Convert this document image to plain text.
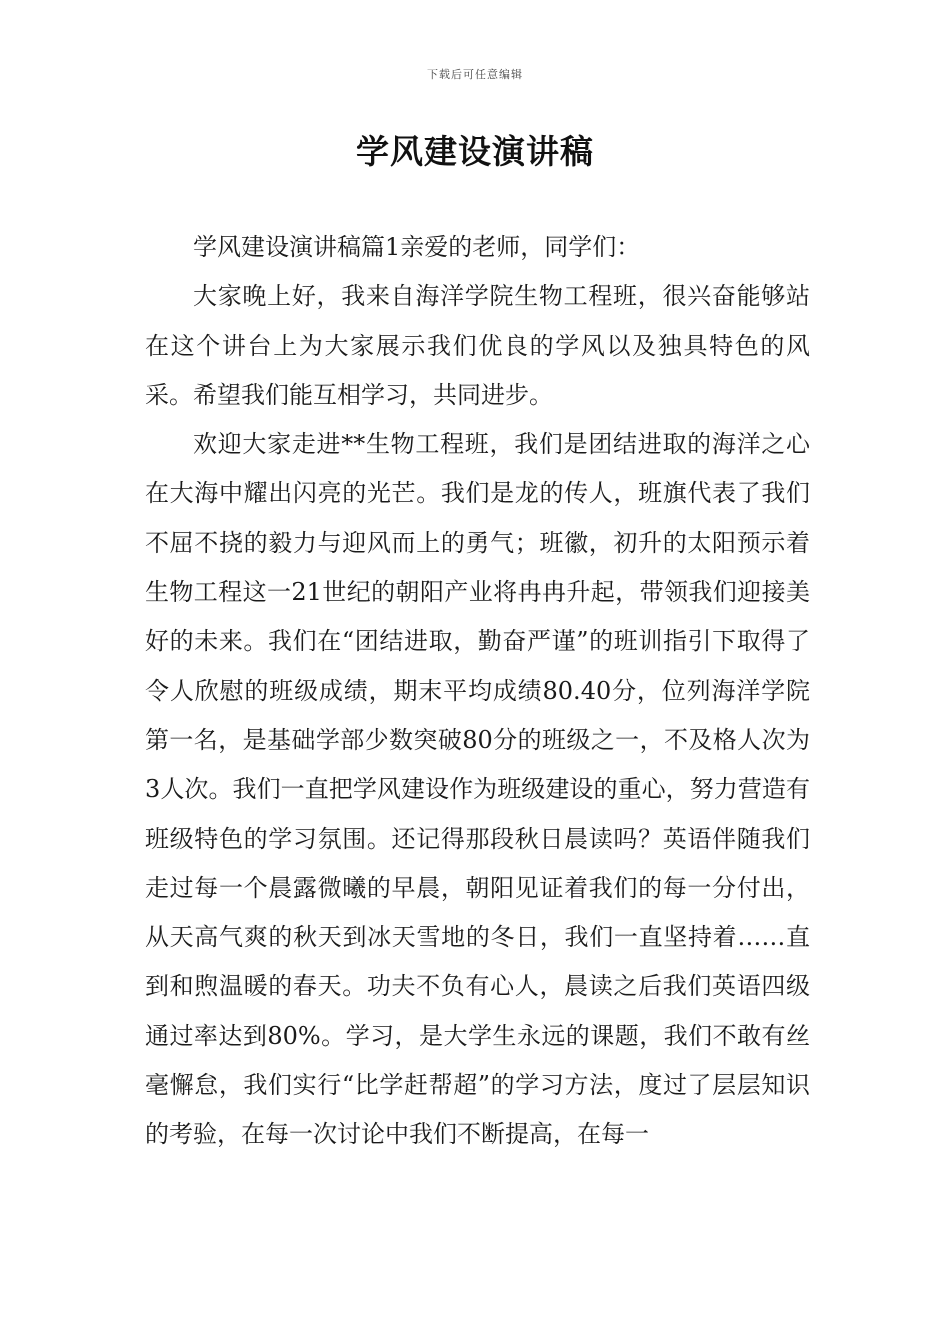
下载后可任意编辑
学风建设演讲稿

学风建设演讲稿篇1亲爱的老师，同学们：

大家晚上好，我来自海洋学院生物工程班，很兴奋能够站在这个讲台上为大家展示我们优良的学风以及独具特色的风采。希望我们能互相学习，共同进步。

欢迎大家走进**生物工程班，我们是团结进取的海洋之心在大海中耀出闪亮的光芒。我们是龙的传人，班旗代表了我们不屈不挠的毅力与迎风而上的勇气；班徽，初升的太阳预示着生物工程这一21世纪的朝阳产业将冉冉升起，带领我们迎接美好的未来。我们在“团结进取，勤奋严谨”的班训指引下取得了令人欣慰的班级成绩，期末平均成绩80.40分，位列海洋学院第一名，是基础学部少数突破80分的班级之一，不及格人次为3人次。我们一直把学风建设作为班级建设的重心，努力营造有班级特色的学习氛围。还记得那段秋日晨读吗？英语伴随我们走过每一个晨露微曦的早晨，朝阳见证着我们的每一分付出，从天高气爽的秋天到冰天雪地的冬日，我们一直坚持着……直到和煦温暖的春天。功夫不负有心人，晨读之后我们英语四级通过率达到80%。学习，是大学生永远的课题，我们不敢有丝毫懈怠，我们实行“比学赶帮超”的学习方法，度过了层层知识的考验，在每一次讨论中我们不断提高，在每一
